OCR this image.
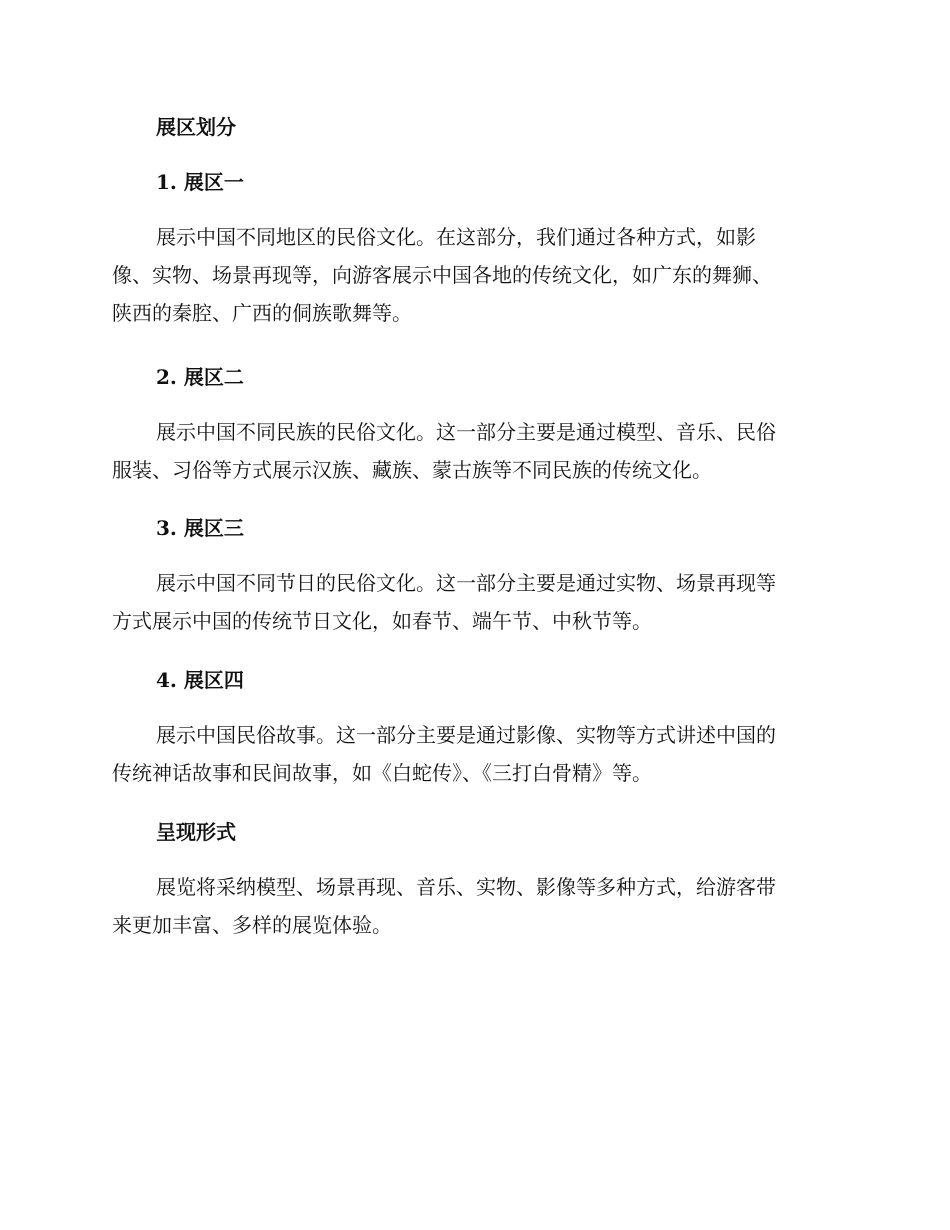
展区划分
1. 展区一
展示中国不同地区的民俗文化。在这部分，我们通过各种方式，如影
像、实物、场景再现等，向游客展示中国各地的传统文化，如广东的舞狮、
陕西的秦腔、广西的侗族歌舞等。
2. 展区二
展示中国不同民族的民俗文化。这一部分主要是通过模型、音乐、民俗
服装、习俗等方式展示汉族、藏族、蒙古族等不同民族的传统文化。
3. 展区三
展示中国不同节日的民俗文化。这一部分主要是通过实物、场景再现等
方式展示中国的传统节日文化，如春节、端午节、中秋节等。
4. 展区四
展示中国民俗故事。这一部分主要是通过影像、实物等方式讲述中国的
传统神话故事和民间故事，如《白蛇传》、《三打白骨精》等。
呈现形式
展览将采纳模型、场景再现、音乐、实物、影像等多种方式，给游客带
来更加丰富、多样的展览体验。
